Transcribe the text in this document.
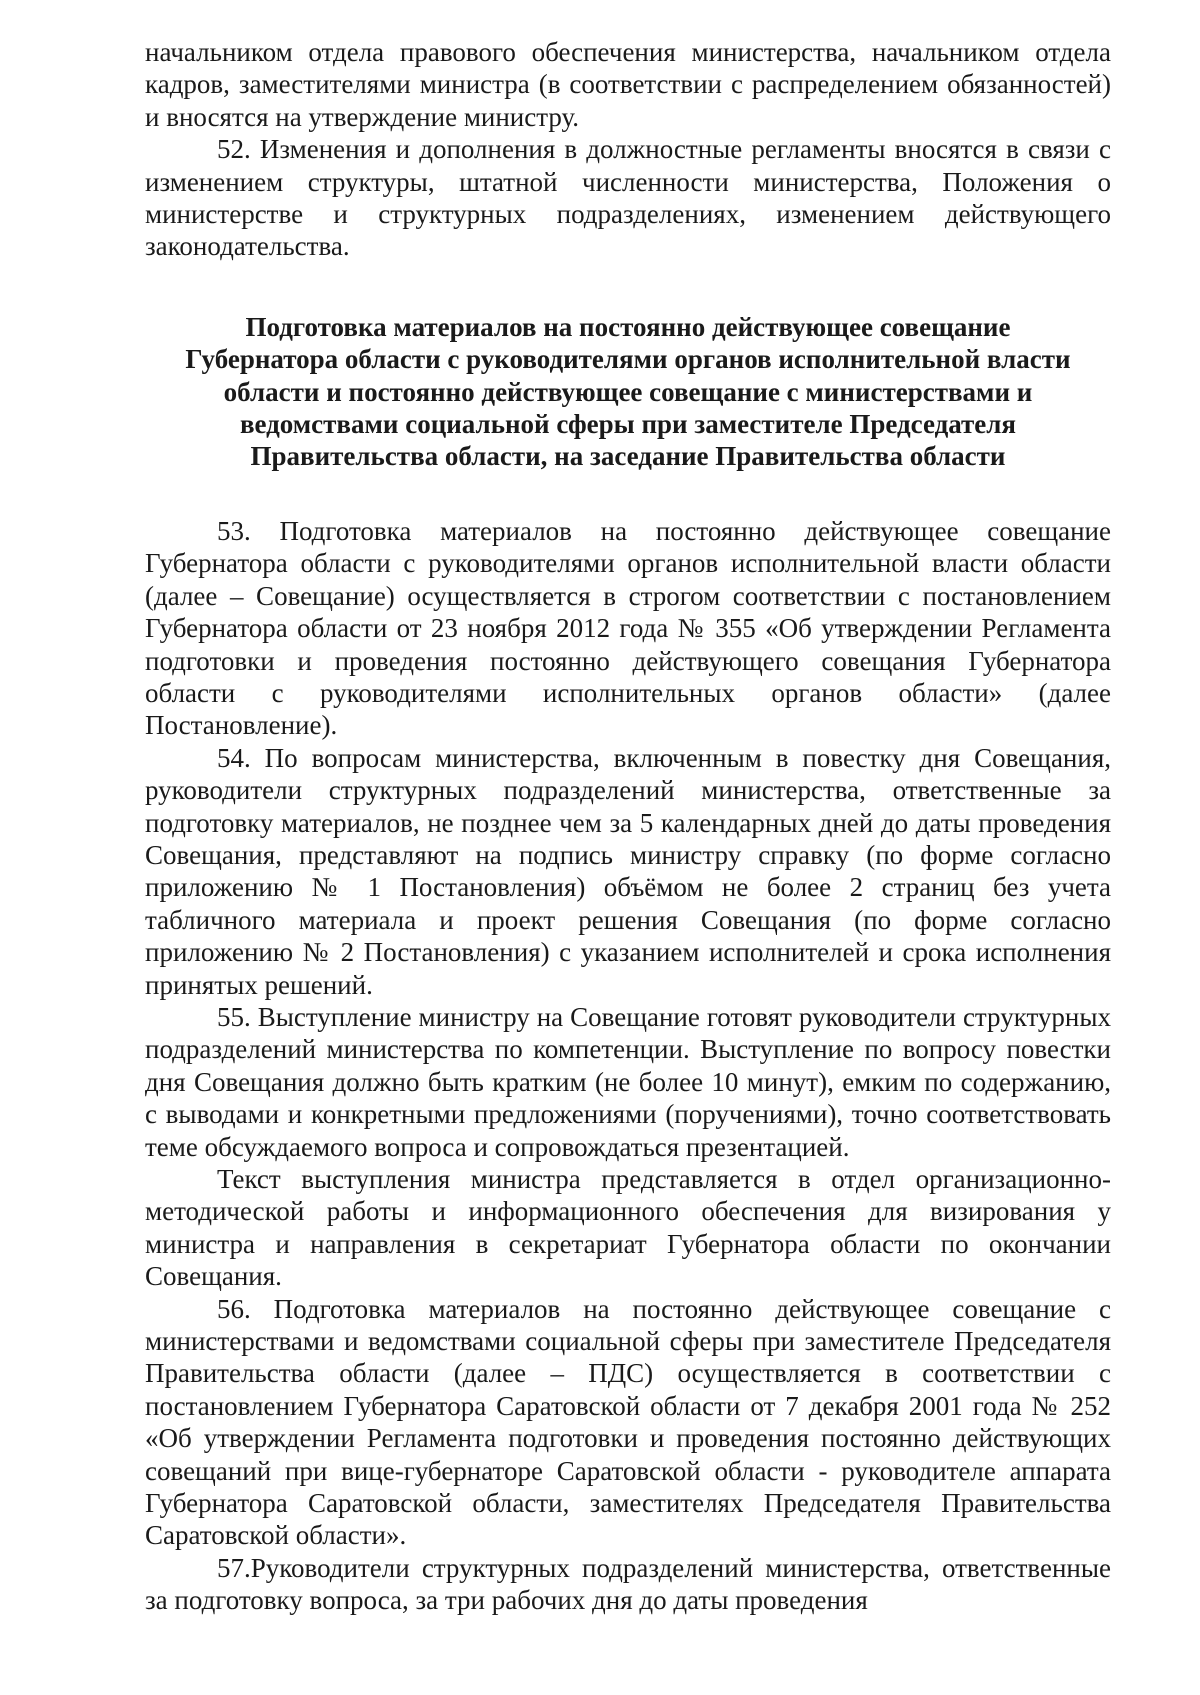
начальником отдела правового обеспечения министерства, начальником отдела кадров, заместителями министра (в соответствии с распределением обязанностей) и вносятся на утверждение министру.

52. Изменения и дополнения в должностные регламенты вносятся в связи с изменением структуры, штатной численности министерства, Положения о министерстве и структурных подразделениях, изменением действующего законодательства.

Подготовка материалов на постоянно действующее совещание
Губернатора области с руководителями органов исполнительной власти
области и постоянно действующее совещание с министерствами и
ведомствами социальной сферы при заместителе Председателя
Правительства области, на заседание Правительства области

53. Подготовка материалов на постоянно действующее совещание Губернатора области с руководителями органов исполнительной власти области (далее – Совещание) осуществляется в строгом соответствии с постановлением Губернатора области от 23 ноября 2012 года № 355 «Об утверждении Регламента подготовки и проведения постоянно действующего совещания Губернатора области с руководителями исполнительных органов области» (далее Постановление).

54. По вопросам министерства, включенным в повестку дня Совещания, руководители структурных подразделений министерства, ответственные за подготовку материалов, не позднее чем за 5 календарных дней до даты проведения Совещания, представляют на подпись министру справку (по форме согласно приложению № 1 Постановления) объёмом не более 2 страниц без учета табличного материала и проект решения Совещания (по форме согласно приложению № 2 Постановления) с указанием исполнителей и срока исполнения принятых решений.

55. Выступление министру на Совещание готовят руководители структурных подразделений министерства по компетенции. Выступление по вопросу повестки дня Совещания должно быть кратким (не более 10 минут), емким по содержанию, с выводами и конкретными предложениями (поручениями), точно соответствовать теме обсуждаемого вопроса и сопровождаться презентацией.

Текст выступления министра представляется в отдел организационно-методической работы и информационного обеспечения для визирования у министра и направления в секретариат Губернатора области по окончании Совещания.

56. Подготовка материалов на постоянно действующее совещание с министерствами и ведомствами социальной сферы при заместителе Председателя Правительства области (далее – ПДС) осуществляется в соответствии с постановлением Губернатора Саратовской области от 7 декабря 2001 года № 252 «Об утверждении Регламента подготовки и проведения постоянно действующих совещаний при вице-губернаторе Саратовской области - руководителе аппарата Губернатора Саратовской области, заместителях Председателя Правительства Саратовской области».

57.Руководители структурных подразделений министерства, ответственные за подготовку вопроса, за три рабочих дня до даты проведения
